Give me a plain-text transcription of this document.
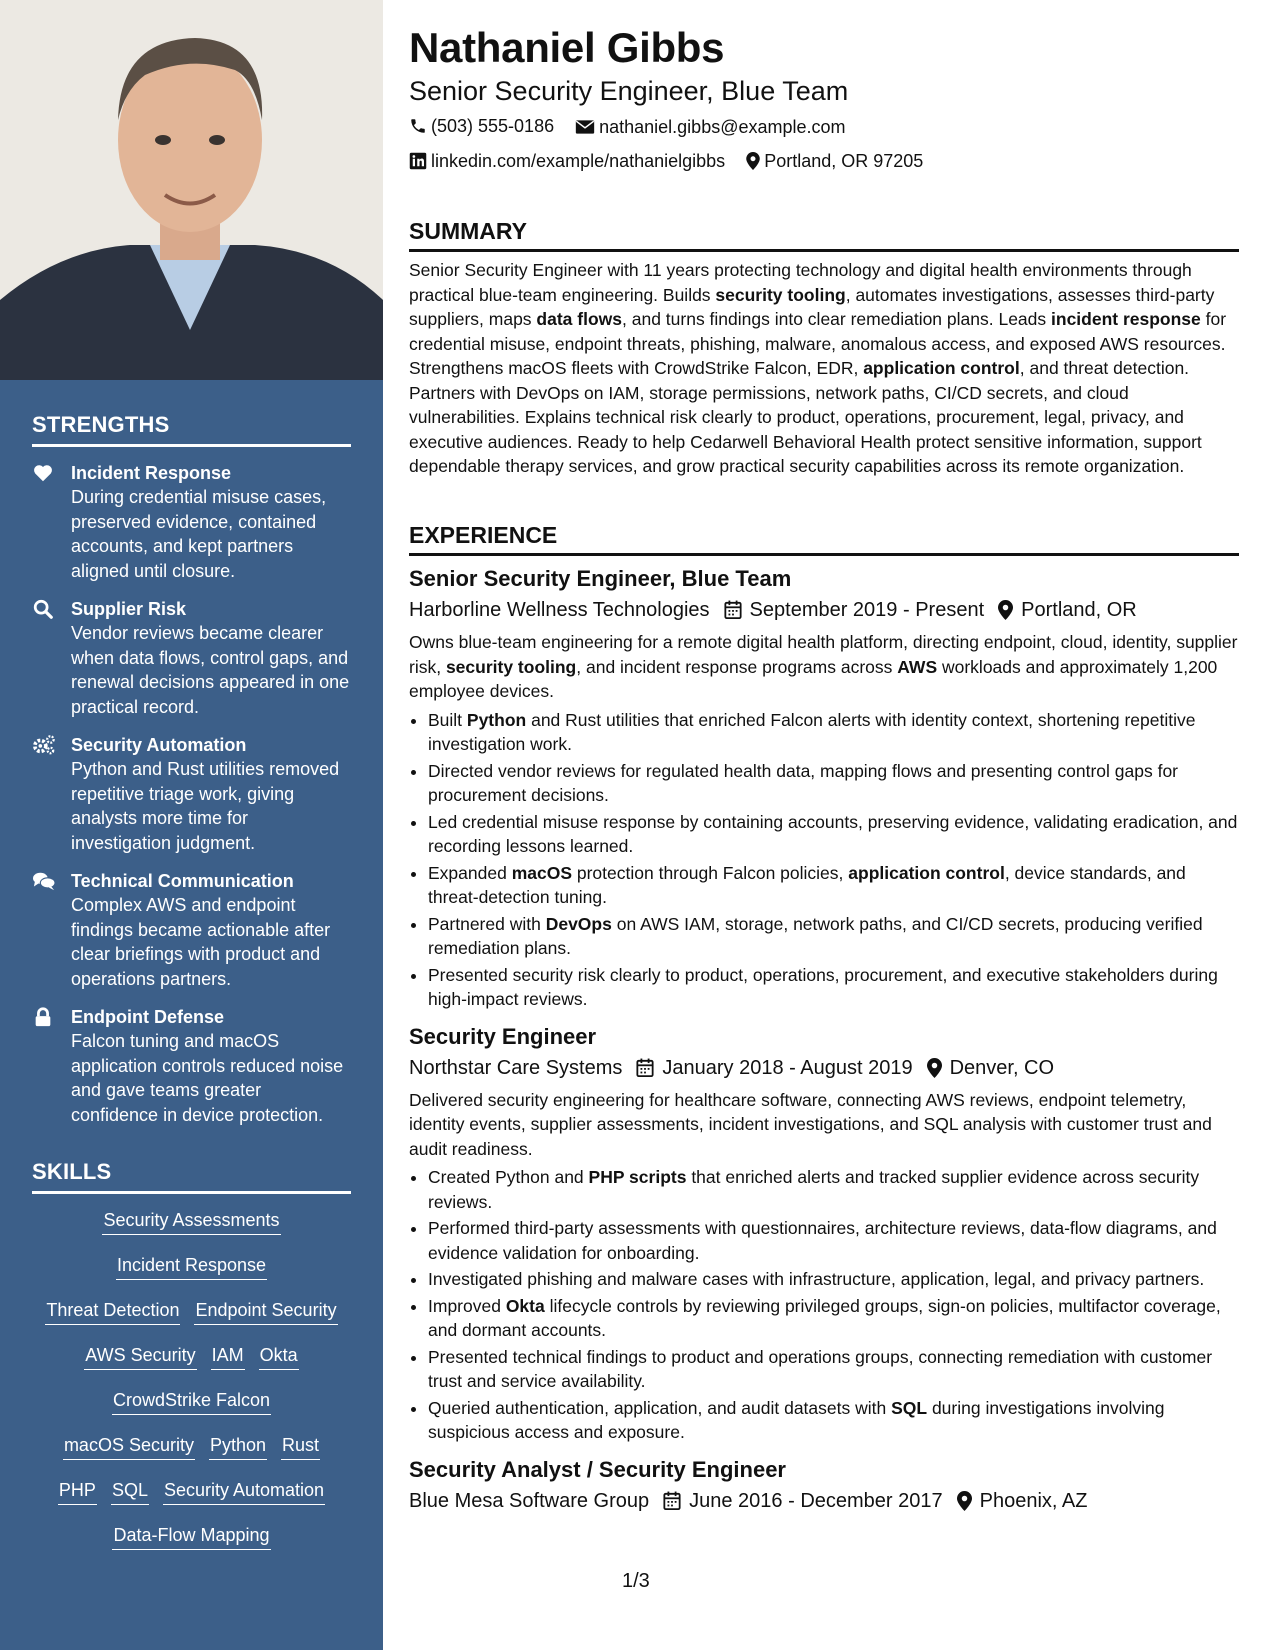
STRENGTHS
Incident Response
During credential misuse cases, preserved evidence, contained accounts, and kept partners aligned until closure.
Supplier Risk
Vendor reviews became clearer when data flows, control gaps, and renewal decisions appeared in one practical record.
Security Automation
Python and Rust utilities removed repetitive triage work, giving analysts more time for investigation judgment.
Technical Communication
Complex AWS and endpoint findings became actionable after clear briefings with product and operations partners.
Endpoint Defense
Falcon tuning and macOS application controls reduced noise and gave teams greater confidence in device protection.
SKILLS
Security Assessments
Incident Response
Threat Detection Endpoint Security
AWS Security IAM Okta
CrowdStrike Falcon
macOS Security Python Rust
PHP SQL Security Automation
Data-Flow Mapping
Nathaniel Gibbs
Senior Security Engineer, Blue Team
(503) 555-0186
	nathaniel.gibbs@example.com
linkedin.com/example/nathanielgibbs
Portland, OR 97205
SUMMARY

Senior Security Engineer with 11 years protecting technology and digital health environments through practical blue-team engineering. Builds security tooling, automates investigations, assesses third-party suppliers, maps data flows, and turns findings into clear remediation plans. Leads incident response for credential misuse, endpoint threats, phishing, malware, anomalous access, and exposed AWS resources. Strengthens macOS fleets with CrowdStrike Falcon, EDR, application control, and threat detection. Partners with DevOps on IAM, storage permissions, network paths, CI/CD secrets, and cloud vulnerabilities. Explains technical risk clearly to product, operations, procurement, legal, privacy, and executive audiences. Ready to help Cedarwell Behavioral Health protect sensitive information, support dependable therapy services, and grow practical security capabilities across its remote organization.

EXPERIENCE
Senior Security Engineer, Blue Team
Harborline Wellness Technologies September 2019 - Present Portland, OR

Owns blue-team engineering for a remote digital health platform, directing endpoint, cloud, identity, supplier risk, security tooling, and incident response programs across AWS workloads and approximately 1,200 employee devices.

• Built Python and Rust utilities that enriched Falcon alerts with identity context, shortening repetitive investigation work.
• Directed vendor reviews for regulated health data, mapping flows and presenting control gaps for procurement decisions.
• Led credential misuse response by containing accounts, preserving evidence, validating eradication, and recording lessons learned.
• Expanded macOS protection through Falcon policies, application control, device standards, and threat-detection tuning.
• Partnered with DevOps on AWS IAM, storage, network paths, and CI/CD secrets, producing verified remediation plans.
• Presented security risk clearly to product, operations, procurement, and executive stakeholders during high-impact reviews.
Security Engineer
Northstar Care Systems January 2018 - August 2019 Denver, CO

Delivered security engineering for healthcare software, connecting AWS reviews, endpoint telemetry, identity events, supplier assessments, incident investigations, and SQL analysis with customer trust and audit readiness.

• Created Python and PHP scripts that enriched alerts and tracked supplier evidence across security reviews.
• Performed third-party assessments with questionnaires, architecture reviews, data-flow diagrams, and evidence validation for onboarding.
• Investigated phishing and malware cases with infrastructure, application, legal, and privacy partners.
• Improved Okta lifecycle controls by reviewing privileged groups, sign-on policies, multifactor coverage, and dormant accounts.
• Presented technical findings to product and operations groups, connecting remediation with customer trust and service availability.
• Queried authentication, application, and audit datasets with SQL during investigations involving suspicious access and exposure.
Security Analyst / Security Engineer
Blue Mesa Software Group June 2016 - December 2017 Phoenix, AZ
1/3
